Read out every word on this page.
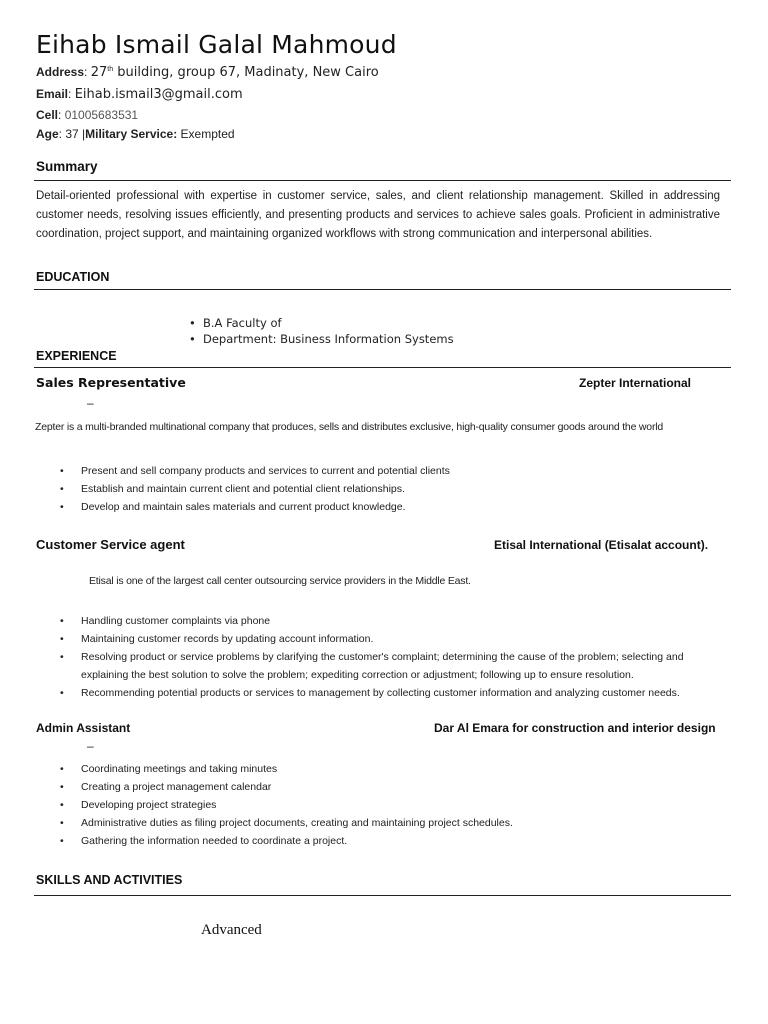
Eihab Ismail Galal Mahmoud
Address: 27th building, group 67, Madinaty, New Cairo
Email: Eihab.ismail3@gmail.com
Cell: 01005683531
Age: 37 |Military Service: Exempted
Summary
Detail-oriented professional with expertise in customer service, sales, and client relationship management. Skilled in addressing customer needs, resolving issues efficiently, and presenting products and services to achieve sales goals. Proficient in administrative coordination, project support, and maintaining organized workflows with strong communication and interpersonal abilities.
EDUCATION
• B.A Faculty of
• Department: Business Information Systems
EXPERIENCE
Sales Representative	Zepter International
–
Zepter is a multi-branded multinational company that produces, sells and distributes exclusive, high-quality consumer goods around the world
• Present and sell company products and services to current and potential clients
• Establish and maintain current client and potential client relationships.
• Develop and maintain sales materials and current product knowledge.
Customer Service agent	Etisal International (Etisalat account).
Etisal is one of the largest call center outsourcing service providers in the Middle East.
• Handling customer complaints via phone
• Maintaining customer records by updating account information.
• Resolving product or service problems by clarifying the customer's complaint; determining the cause of the problem; selecting and explaining the best solution to solve the problem; expediting correction or adjustment; following up to ensure resolution.
• Recommending potential products or services to management by collecting customer information and analyzing customer needs.
Admin Assistant	Dar Al Emara for construction and interior design
–
• Coordinating meetings and taking minutes
• Creating a project management calendar
• Developing project strategies
• Administrative duties as filing project documents, creating and maintaining project schedules.
• Gathering the information needed to coordinate a project.
SKILLS AND ACTIVITIES
Advanced
